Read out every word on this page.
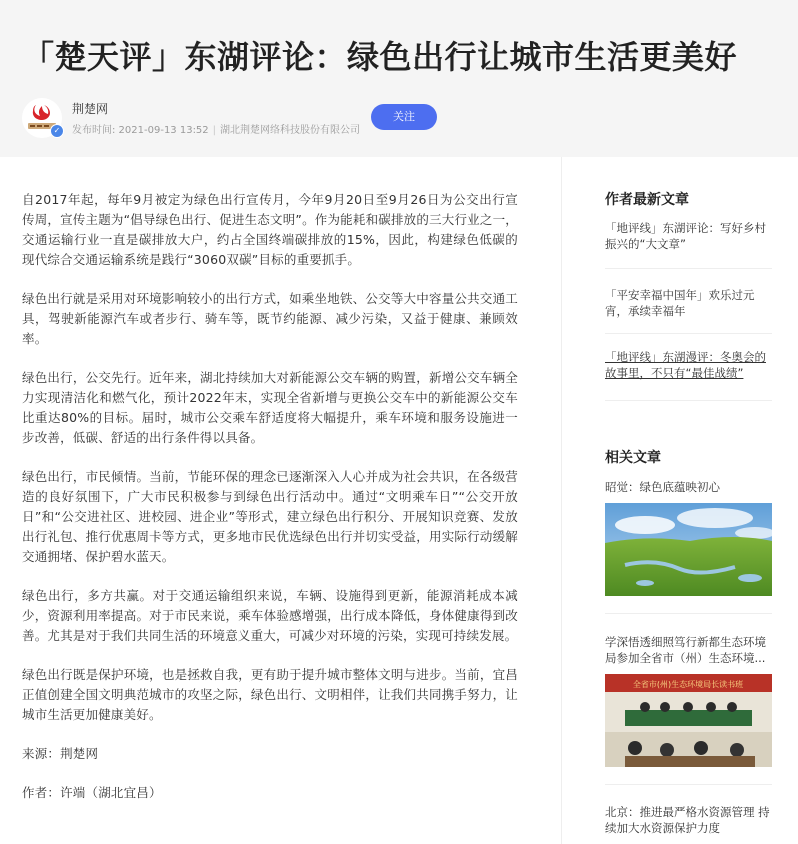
「楚天评」东湖评论：绿色出行让城市生活更美好
✓
荆楚网
发布时间: 2021-09-13 13:52 | 湖北荆楚网络科技股份有限公司
关注

自2017年起，每年9月被定为绿色出行宣传月，今年9月20日至9月26日为公交出行宣传周，宣传主题为“倡导绿色出行、促进生态文明”。作为能耗和碳排放的三大行业之一，交通运输行业一直是碳排放大户，约占全国终端碳排放的15%，因此，构建绿色低碳的现代综合交通运输系统是践行“3060双碳”目标的重要抓手。

绿色出行就是采用对环境影响较小的出行方式，如乘坐地铁、公交等大中容量公共交通工具，驾驶新能源汽车或者步行、骑车等，既节约能源、减少污染，又益于健康、兼顾效率。

绿色出行，公交先行。近年来，湖北持续加大对新能源公交车辆的购置，新增公交车辆全力实现清洁化和燃气化，预计2022年末，实现全省新增与更换公交车中的新能源公交车比重达80%的目标。届时，城市公交乘车舒适度将大幅提升，乘车环境和服务设施进一步改善，低碳、舒适的出行条件得以具备。

绿色出行，市民倾情。当前，节能环保的理念已逐渐深入人心并成为社会共识，在各级营造的良好氛围下，广大市民积极参与到绿色出行活动中。通过“文明乘车日”“公交开放日”和“公交进社区、进校园、进企业”等形式，建立绿色出行积分、开展知识竞赛、发放出行礼包、推行优惠周卡等方式，更多地市民优选绿色出行并切实受益，用实际行动缓解交通拥堵、保护碧水蓝天。

绿色出行，多方共赢。对于交通运输组织来说，车辆、设施得到更新，能源消耗成本减少，资源利用率提高。对于市民来说，乘车体验感增强，出行成本降低，身体健康得到改善。尤其是对于我们共同生活的环境意义重大，可减少对环境的污染，实现可持续发展。

绿色出行既是保护环境，也是拯救自我，更有助于提升城市整体文明与进步。当前，宜昌正值创建全国文明典范城市的攻坚之际，绿色出行、文明相伴，让我们共同携手努力，让城市生活更加健康美好。

来源：荆楚网

作者：许端（湖北宜昌）

作者最新文章
「地评线」东湖评论：写好乡村振兴的“大文章”
「平安幸福中国年」欢乐过元宵，承续幸福年
「地评线」东湖漫评：冬奥会的故事里，不只有“最佳战绩”
相关文章
昭觉：绿色底蕴映初心
学深悟透细照笃行新都生态环境局参加全省市（州）生态环境...
全省市(州)生态环境局长读书班
北京：推进最严格水资源管理 持续加大水资源保护力度
